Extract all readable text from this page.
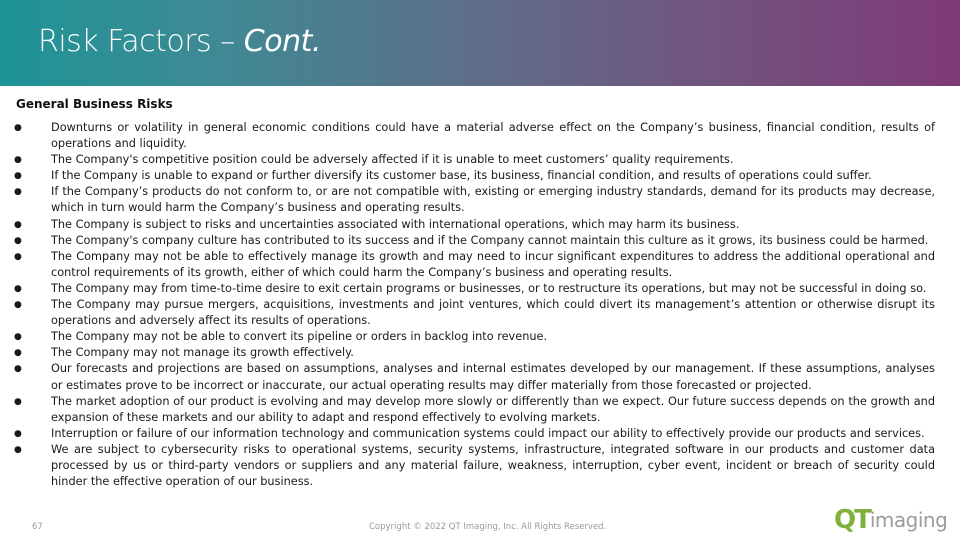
Risk Factors – Cont.
General Business Risks
●	Downturns or volatility in general economic conditions could have a material adverse effect on the Company’s business, financial condition, results of operations and liquidity.
●	The Company's competitive position could be adversely affected if it is unable to meet customers’ quality requirements.
●	If the Company is unable to expand or further diversify its customer base, its business, financial condition, and results of operations could suffer.
●	If the Company’s products do not conform to, or are not compatible with, existing or emerging industry standards, demand for its products may decrease, which in turn would harm the Company’s business and operating results.
●	The Company is subject to risks and uncertainties associated with international operations, which may harm its business.
●	The Company's company culture has contributed to its success and if the Company cannot maintain this culture as it grows, its business could be harmed.
●	The Company may not be able to effectively manage its growth and may need to incur significant expenditures to address the additional operational and control requirements of its growth, either of which could harm the Company’s business and operating results.
●	The Company may from time-to-time desire to exit certain programs or businesses, or to restructure its operations, but may not be successful in doing so.
●	The Company may pursue mergers, acquisitions, investments and joint ventures, which could divert its management’s attention or otherwise disrupt its operations and adversely affect its results of operations.
●	The Company may not be able to convert its pipeline or orders in backlog into revenue.
●	The Company may not manage its growth effectively.
●	Our forecasts and projections are based on assumptions, analyses and internal estimates developed by our management. If these assumptions, analyses or estimates prove to be incorrect or inaccurate, our actual operating results may differ materially from those forecasted or projected.
●	The market adoption of our product is evolving and may develop more slowly or differently than we expect. Our future success depends on the growth and expansion of these markets and our ability to adapt and respond effectively to evolving markets.
●	Interruption or failure of our information technology and communication systems could impact our ability to effectively provide our products and services.
●	We are subject to cybersecurity risks to operational systems, security systems, infrastructure, integrated software in our products and customer data processed by us or third-party vendors or suppliers and any material failure, weakness, interruption, cyber event, incident or breach of security could hinder the effective operation of our business.
67	Copyright © 2022 QT Imaging, Inc. All Rights Reserved.	QTimaging
